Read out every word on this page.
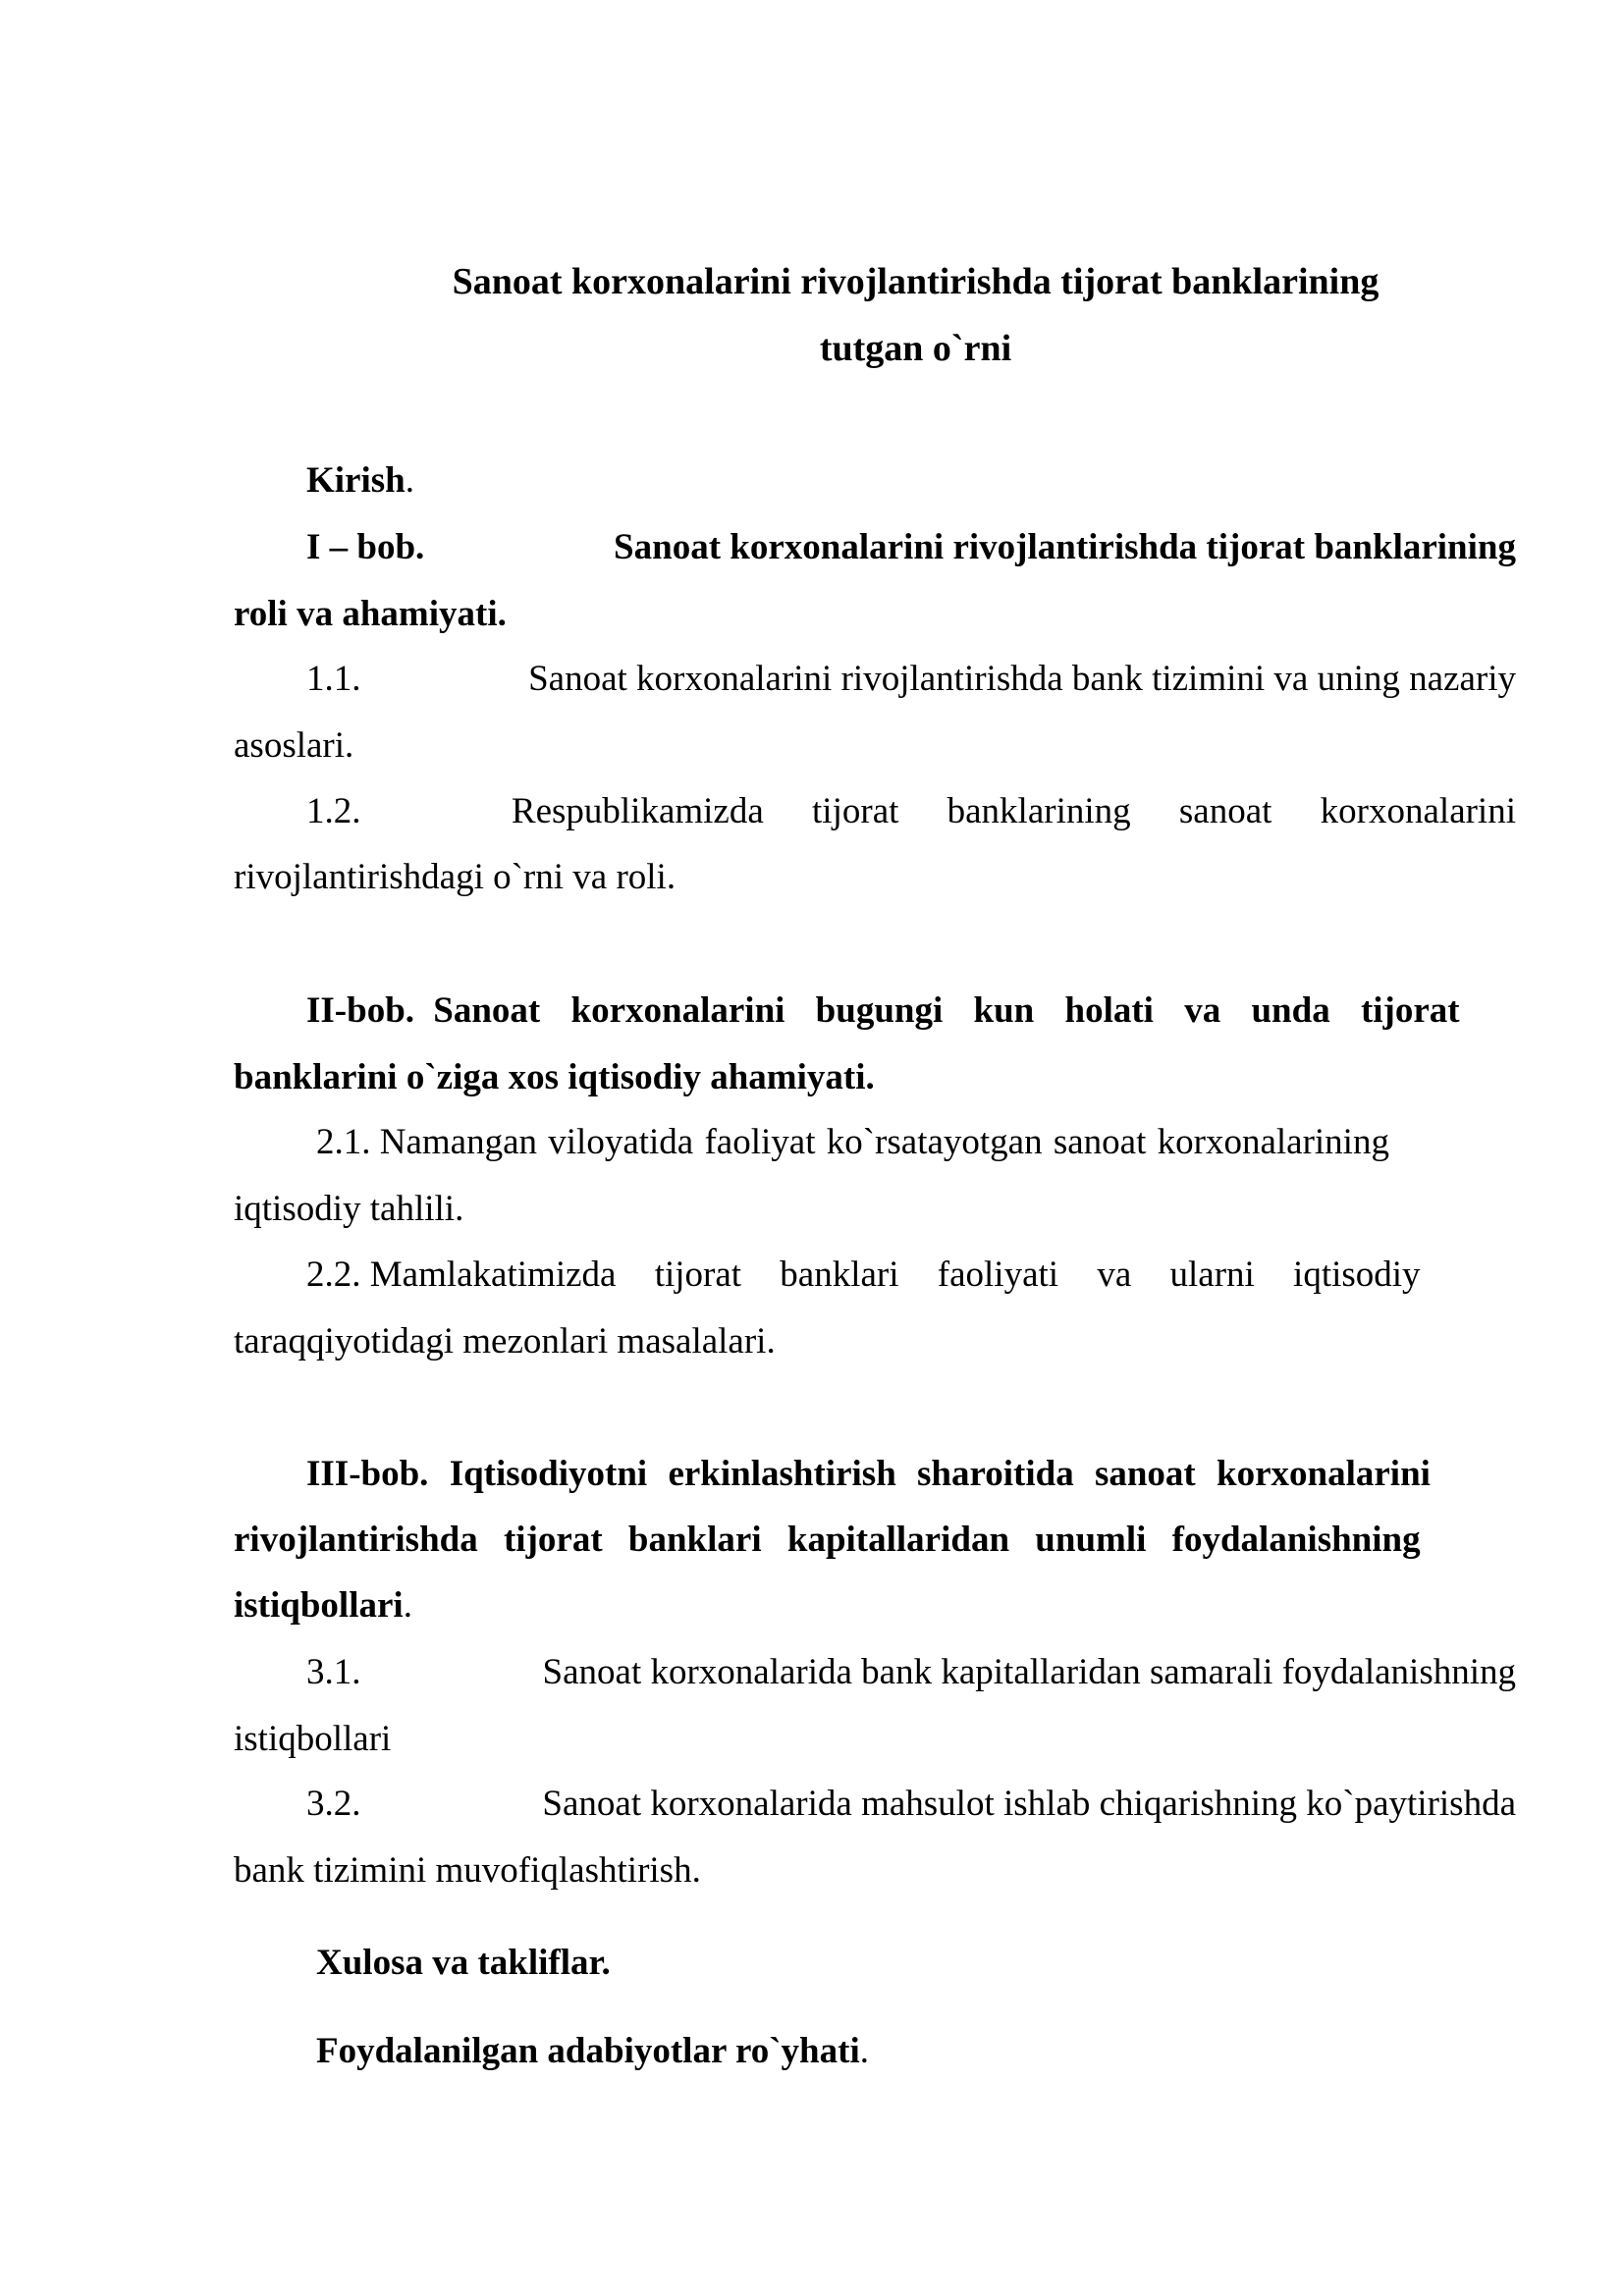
Sanoat korxonalarini rivojlantirishda tijorat banklarining

tutgan o`rni

Kirish.

I – bob.	Sanoat korxonalarini rivojlantirishda tijorat banklarining

roli va ahamiyati.

1.1.	Sanoat korxonalarini rivojlantirishda bank tizimini va uning nazariy

asoslari.

1.2.	Respublikamizda tijorat banklarining sanoat korxonalarini

rivojlantirishdagi o`rni va roli.

II-bob. Sanoat korxonalarini bugungi kun holati va unda tijorat

banklarini o`ziga xos iqtisodiy ahamiyati.

2.1. Namangan viloyatida faoliyat ko`rsatayotgan sanoat korxonalarining

iqtisodiy tahlili.

2.2. Mamlakatimizda tijorat banklari faoliyati va ularni iqtisodiy

taraqqiyotidagi mezonlari masalalari.

III-bob. Iqtisodiyotni erkinlashtirish sharoitida sanoat korxonalarini

rivojlantirishda tijorat banklari kapitallaridan unumli foydalanishning

istiqbollari.

3.1.	Sanoat korxonalarida bank kapitallaridan samarali foydalanishning

istiqbollari

3.2.	Sanoat korxonalarida mahsulot ishlab chiqarishning ko`paytirishda

bank tizimini muvofiqlashtirish.

Xulosa va takliflar.

Foydalanilgan adabiyotlar ro`yhati.
